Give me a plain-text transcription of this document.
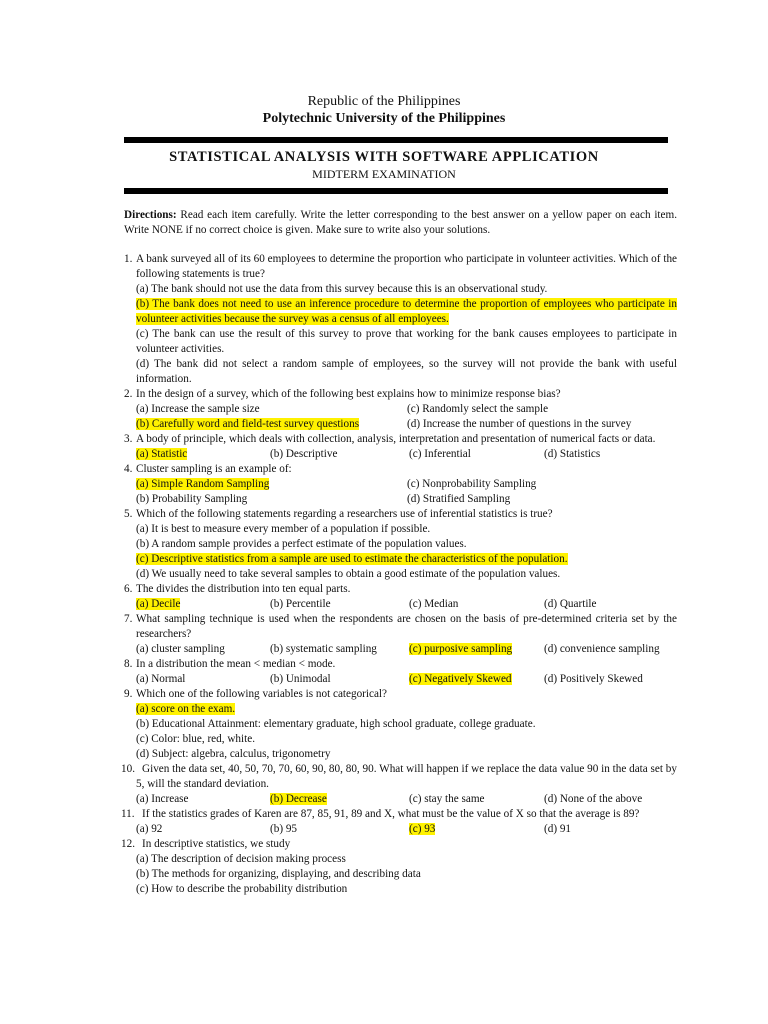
Republic of the Philippines
Polytechnic University of the Philippines
STATISTICAL ANALYSIS WITH SOFTWARE APPLICATION
MIDTERM EXAMINATION
Directions: Read each item carefully. Write the letter corresponding to the best answer on a yellow paper on each item. Write NONE if no correct choice is given. Make sure to write also your solutions.
1. A bank surveyed all of its 60 employees to determine the proportion who participate in volunteer activities. Which of the following statements is true?
(a) The bank should not use the data from this survey because this is an observational study.
(b) The bank does not need to use an inference procedure to determine the proportion of employees who participate in volunteer activities because the survey was a census of all employees.
(c) The bank can use the result of this survey to prove that working for the bank causes employees to participate in volunteer activities.
(d) The bank did not select a random sample of employees, so the survey will not provide the bank with useful information.
2. In the design of a survey, which of the following best explains how to minimize response bias?
(a) Increase the sample size	(c) Randomly select the sample
(b) Carefully word and field-test survey questions	(d) Increase the number of questions in the survey
3. A body of principle, which deals with collection, analysis, interpretation and presentation of numerical facts or data.
(a) Statistic	(b) Descriptive	(c) Inferential	(d) Statistics
4. Cluster sampling is an example of:
(a) Simple Random Sampling	(c) Nonprobability Sampling
(b) Probability Sampling	(d) Stratified Sampling
5. Which of the following statements regarding a researchers use of inferential statistics is true?
(a) It is best to measure every member of a population if possible.
(b) A random sample provides a perfect estimate of the population values.
(c) Descriptive statistics from a sample are used to estimate the characteristics of the population.
(d) We usually need to take several samples to obtain a good estimate of the population values.
6. The divides the distribution into ten equal parts.
(a) Decile	(b) Percentile	(c) Median	(d) Quartile
7. What sampling technique is used when the respondents are chosen on the basis of pre-determined criteria set by the researchers?
(a) cluster sampling	(b) systematic sampling	(c) purposive sampling	(d) convenience sampling
8. In a distribution the mean < median < mode.
(a) Normal	(b) Unimodal	(c) Negatively Skewed	(d) Positively Skewed
9. Which one of the following variables is not categorical?
(a) score on the exam.
(b) Educational Attainment: elementary graduate, high school graduate, college graduate.
(c) Color: blue, red, white.
(d) Subject: algebra, calculus, trigonometry
10. Given the data set, 40, 50, 70, 70, 60, 90, 80, 80, 90. What will happen if we replace the data value 90 in the data set by 5, will the standard deviation.
(a) Increase	(b) Decrease	(c) stay the same	(d) None of the above
11. If the statistics grades of Karen are 87, 85, 91, 89 and X, what must be the value of X so that the average is 89?
(a) 92	(b) 95	(c) 93	(d) 91
12. In descriptive statistics, we study
(a) The description of decision making process
(b) The methods for organizing, displaying, and describing data
(c) How to describe the probability distribution
